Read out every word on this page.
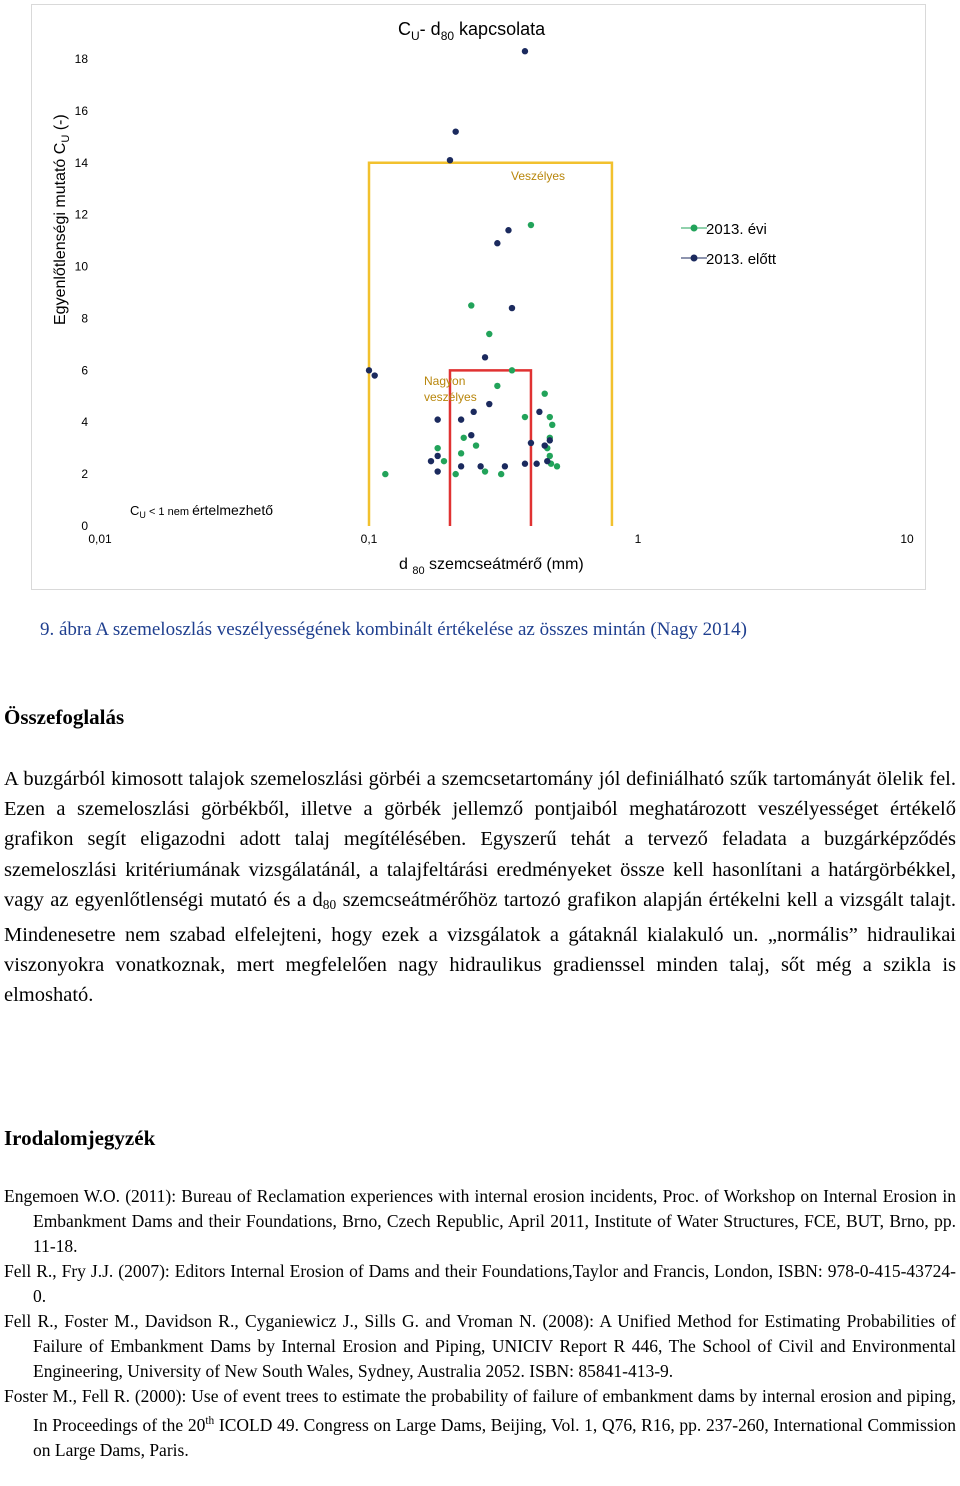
$C_U-$ $d_{80}$ kapcsolata
Egyenlőtlenségi mutató $C_U$ (-)
d $_{80}$ szemcseátmérő (mm)
CU < 1 nem értelmezhető
0
2
4
6
8
10
12
14
16
18
0,01	0,1	1	10
Veszélyes
Nagyon
veszélyes
2013. évi
2013. előtt
9. ábra A szemeloszlás veszélyességének kombinált értékelése az összes mintán (Nagy 2014)
Összefoglalás

A buzgárból kimosott talajok szemeloszlási görbéi a szemcsetartomány jól definiálható szűk tartományát ölelik fel. Ezen a szemeloszlási görbékből, illetve a görbék jellemző pontjaiból meghatározott veszélyességet értékelő grafikon segít eligazodni adott talaj megítélésében. Egyszerű tehát a tervező feladata a buzgárképződés szemeloszlási kritériumának vizsgálatánál, a talajfeltárási eredményeket össze kell hasonlítani a határgörbékkel, vagy az egyenlőtlenségi mutató és a $d_{80}$ szemcseátmérőhöz tartozó grafikon alapján értékelni kell a vizsgált talajt. Mindenesetre nem szabad elfelejteni, hogy ezek a vizsgálatok a gátaknál kialakuló un. „normális” hidraulikai viszonyokra vonatkoznak, mert megfelelően nagy hidraulikus gradienssel minden talaj, sőt még a szikla is elmosható.

Irodalomjegyzék

Engemoen W.O. (2011): Bureau of Reclamation experiences with internal erosion incidents, Proc. of Workshop on Internal Erosion in Embankment Dams and their Foundations, Brno, Czech Republic, April 2011, Institute of Water Structures, FCE, BUT, Brno, pp. 11-18.

Fell R., Fry J.J. (2007): Editors Internal Erosion of Dams and their Foundations,Taylor and Francis, London, ISBN: 978-0-415-43724-0.

Fell R., Foster M., Davidson R., Cyganiewicz J., Sills G. and Vroman N. (2008): A Unified Method for Estimating Probabilities of Failure of Embankment Dams by Internal Erosion and Piping, UNICIV Report R 446, The School of Civil and Environmental Engineering, University of New South Wales, Sydney, Australia 2052. ISBN: 85841-413-9.

Foster M., Fell R. (2000): Use of event trees to estimate the probability of failure of embankment dams by internal erosion and piping, In Proceedings of the 20th ICOLD 49. Congress on Large Dams, Beijing, Vol. 1, Q76, R16, pp. 237-260, International Commission on Large Dams, Paris.
